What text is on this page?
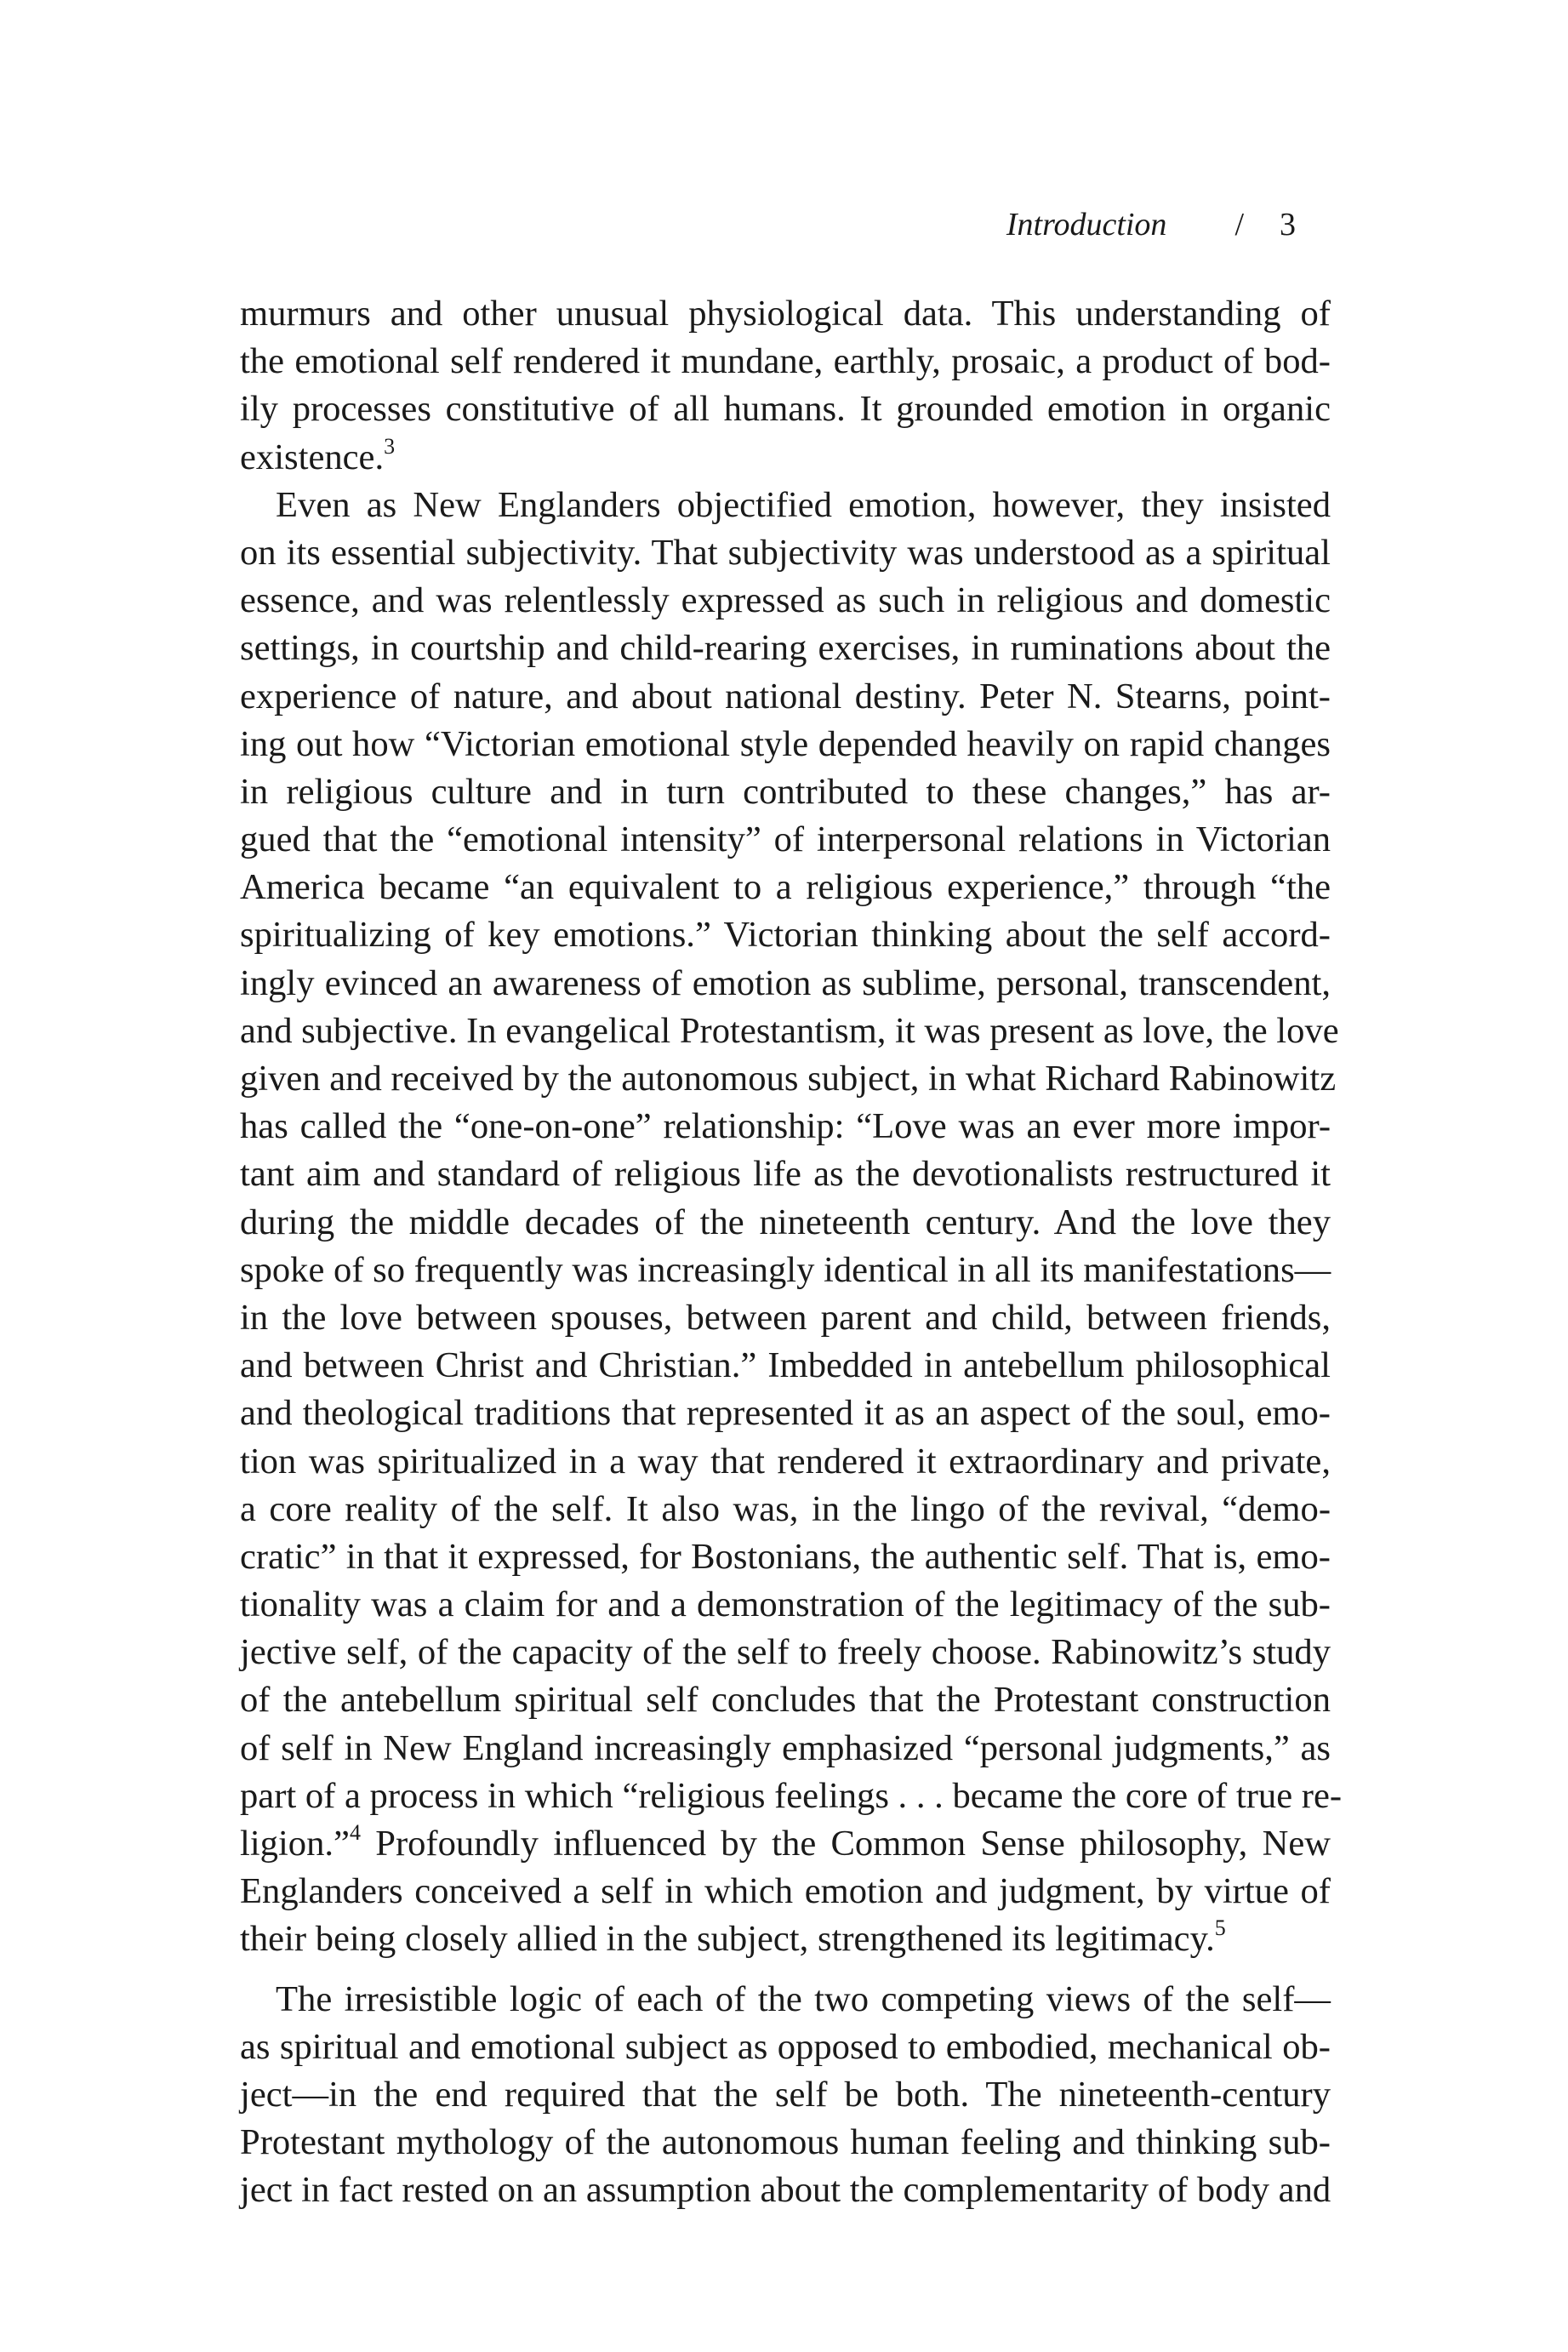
Introduction / 3
murmurs and other unusual physiological data. This understanding of
the emotional self rendered it mundane, earthly, prosaic, a product of bod-
ily processes constitutive of all humans. It grounded emotion in organic
existence.$^3$
Even as New Englanders objectified emotion, however, they insisted
on its essential subjectivity. That subjectivity was understood as a spiritual
essence, and was relentlessly expressed as such in religious and domestic
settings, in courtship and child-rearing exercises, in ruminations about the
experience of nature, and about national destiny. Peter N. Stearns, point-
ing out how “Victorian emotional style depended heavily on rapid changes
in religious culture and in turn contributed to these changes,” has ar-
gued that the “emotional intensity” of interpersonal relations in Victorian
America became “an equivalent to a religious experience,” through “the
spiritualizing of key emotions.” Victorian thinking about the self accord-
ingly evinced an awareness of emotion as sublime, personal, transcendent,
and subjective. In evangelical Protestantism, it was present as love, the love
given and received by the autonomous subject, in what Richard Rabinowitz
has called the “one-on-one” relationship: “Love was an ever more impor-
tant aim and standard of religious life as the devotionalists restructured it
during the middle decades of the nineteenth century. And the love they
spoke of so frequently was increasingly identical in all its manifestations—
in the love between spouses, between parent and child, between friends,
and between Christ and Christian.” Imbedded in antebellum philosophical
and theological traditions that represented it as an aspect of the soul, emo-
tion was spiritualized in a way that rendered it extraordinary and private,
a core reality of the self. It also was, in the lingo of the revival, “demo-
cratic” in that it expressed, for Bostonians, the authentic self. That is, emo-
tionality was a claim for and a demonstration of the legitimacy of the sub-
jective self, of the capacity of the self to freely choose. Rabinowitz’s study
of the antebellum spiritual self concludes that the Protestant construction
of self in New England increasingly emphasized “personal judgments,” as
part of a process in which “religious feelings . . . became the core of true re-
ligion.”$^4$ Profoundly influenced by the Common Sense philosophy, New
Englanders conceived a self in which emotion and judgment, by virtue of
their being closely allied in the subject, strengthened its legitimacy.$^5$
The irresistible logic of each of the two competing views of the self—
as spiritual and emotional subject as opposed to embodied, mechanical ob-
ject—in the end required that the self be both. The nineteenth-century
Protestant mythology of the autonomous human feeling and thinking sub-
ject in fact rested on an assumption about the complementarity of body and
